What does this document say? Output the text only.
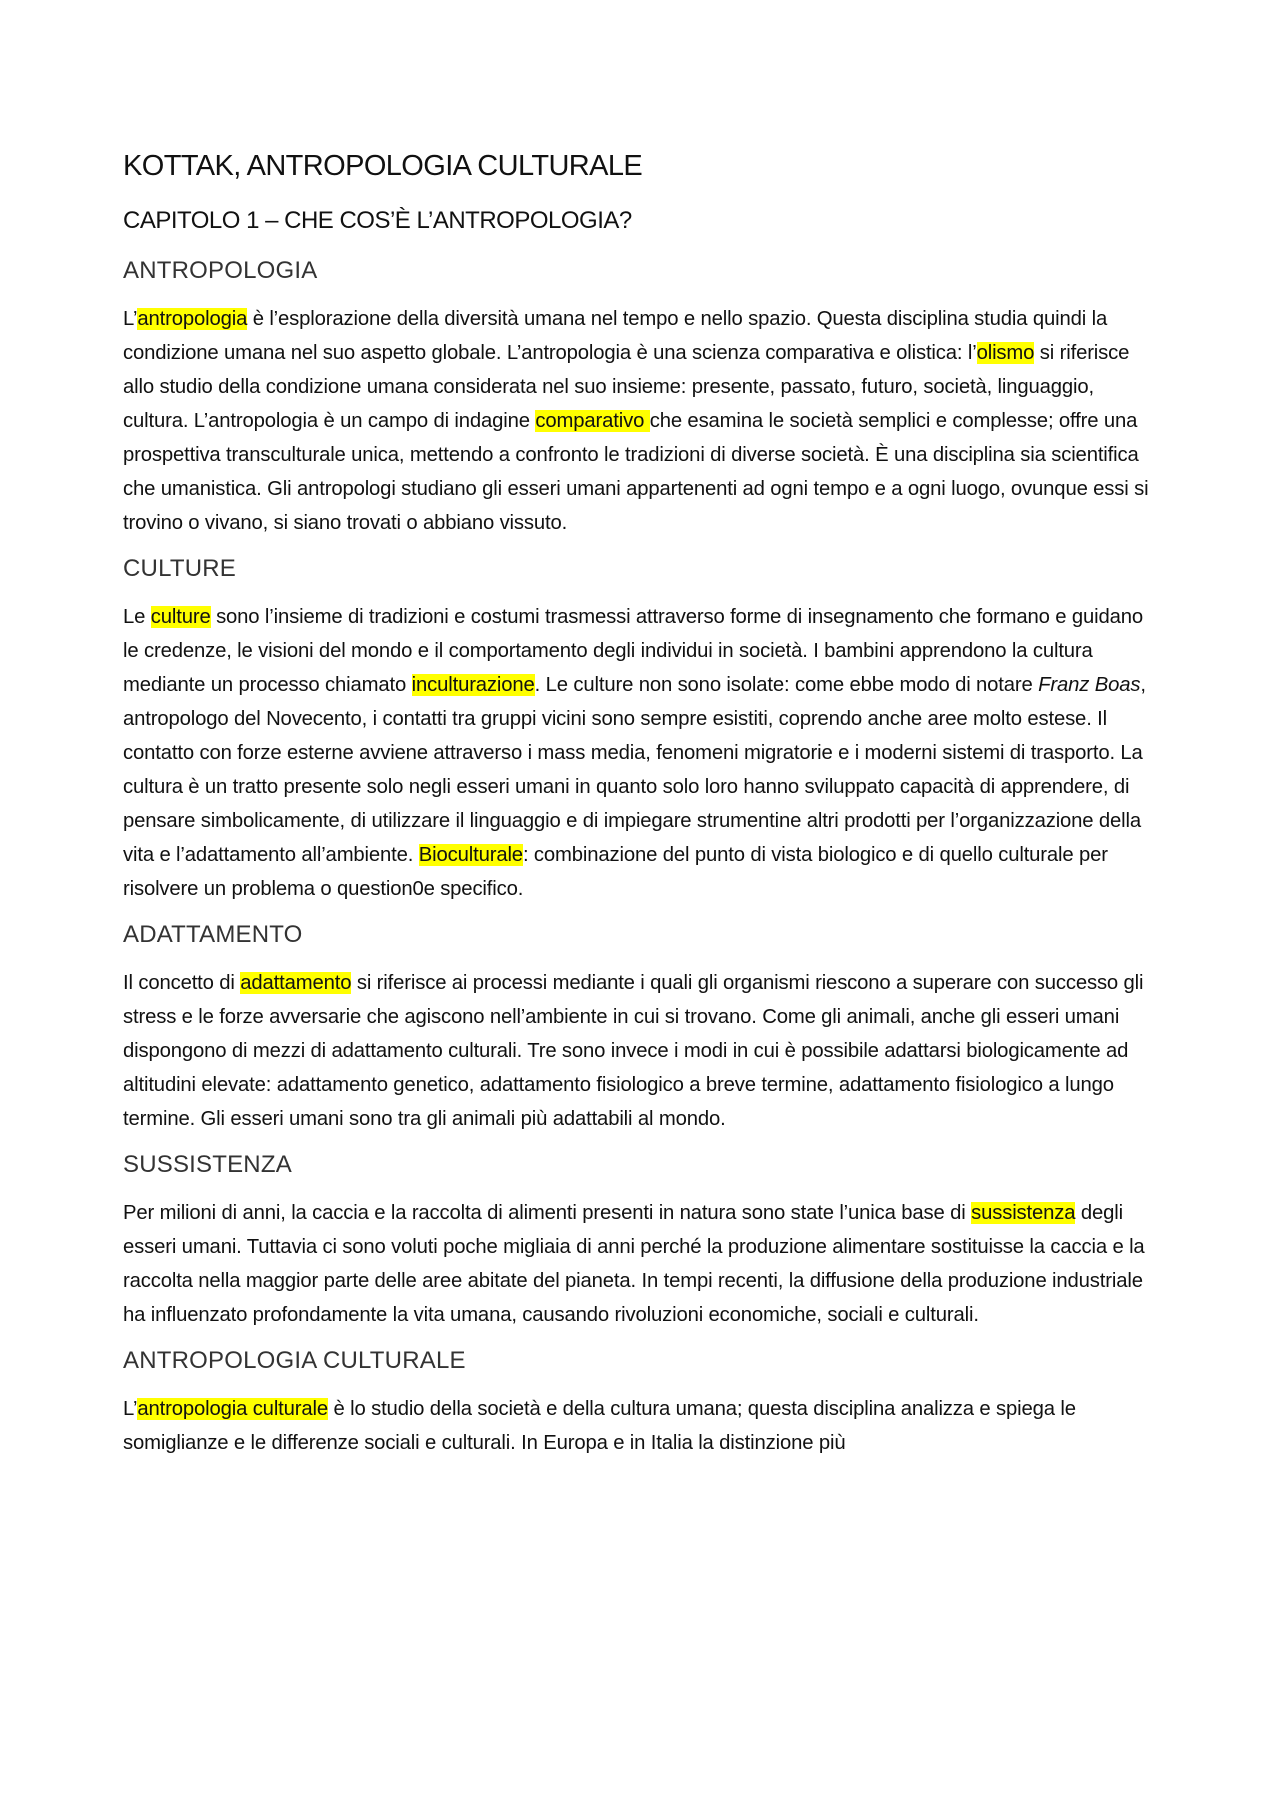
KOTTAK, ANTROPOLOGIA CULTURALE
CAPITOLO 1 – CHE COS’È L’ANTROPOLOGIA?
ANTROPOLOGIA

L’antropologia è l’esplorazione della diversità umana nel tempo e nello spazio. Questa disciplina studia quindi la condizione umana nel suo aspetto globale. L’antropologia è una scienza comparativa e olistica: l’olismo si riferisce allo studio della condizione umana considerata nel suo insieme: presente, passato, futuro, società, linguaggio, cultura. L’antropologia è un campo di indagine comparativo che esamina le società semplici e complesse; offre una prospettiva transculturale unica, mettendo a confronto le tradizioni di diverse società. È una disciplina sia scientifica che umanistica. Gli antropologi studiano gli esseri umani appartenenti ad ogni tempo e a ogni luogo, ovunque essi si trovino o vivano, si siano trovati o abbiano vissuto.

CULTURE

Le culture sono l’insieme di tradizioni e costumi trasmessi attraverso forme di insegnamento che formano e guidano le credenze, le visioni del mondo e il comportamento degli individui in società. I bambini apprendono la cultura mediante un processo chiamato inculturazione. Le culture non sono isolate: come ebbe modo di notare Franz Boas, antropologo del Novecento, i contatti tra gruppi vicini sono sempre esistiti, coprendo anche aree molto estese. Il contatto con forze esterne avviene attraverso i mass media, fenomeni migratorie e i moderni sistemi di trasporto. La cultura è un tratto presente solo negli esseri umani in quanto solo loro hanno sviluppato capacità di apprendere, di pensare simbolicamente, di utilizzare il linguaggio e di impiegare strumentine altri prodotti per l’organizzazione della vita e l’adattamento all’ambiente. Bioculturale: combinazione del punto di vista biologico e di quello culturale per risolvere un problema o question0e specifico.

ADATTAMENTO

Il concetto di adattamento si riferisce ai processi mediante i quali gli organismi riescono a superare con successo gli stress e le forze avversarie che agiscono nell’ambiente in cui si trovano. Come gli animali, anche gli esseri umani dispongono di mezzi di adattamento culturali. Tre sono invece i modi in cui è possibile adattarsi biologicamente ad altitudini elevate: adattamento genetico, adattamento fisiologico a breve termine, adattamento fisiologico a lungo termine. Gli esseri umani sono tra gli animali più adattabili al mondo.

SUSSISTENZA

Per milioni di anni, la caccia e la raccolta di alimenti presenti in natura sono state l’unica base di sussistenza degli esseri umani. Tuttavia ci sono voluti poche migliaia di anni perché la produzione alimentare sostituisse la caccia e la raccolta nella maggior parte delle aree abitate del pianeta. In tempi recenti, la diffusione della produzione industriale ha influenzato profondamente la vita umana, causando rivoluzioni economiche, sociali e culturali.

ANTROPOLOGIA CULTURALE

L’antropologia culturale è lo studio della società e della cultura umana; questa disciplina analizza e spiega le somiglianze e le differenze sociali e culturali. In Europa e in Italia la distinzione più
